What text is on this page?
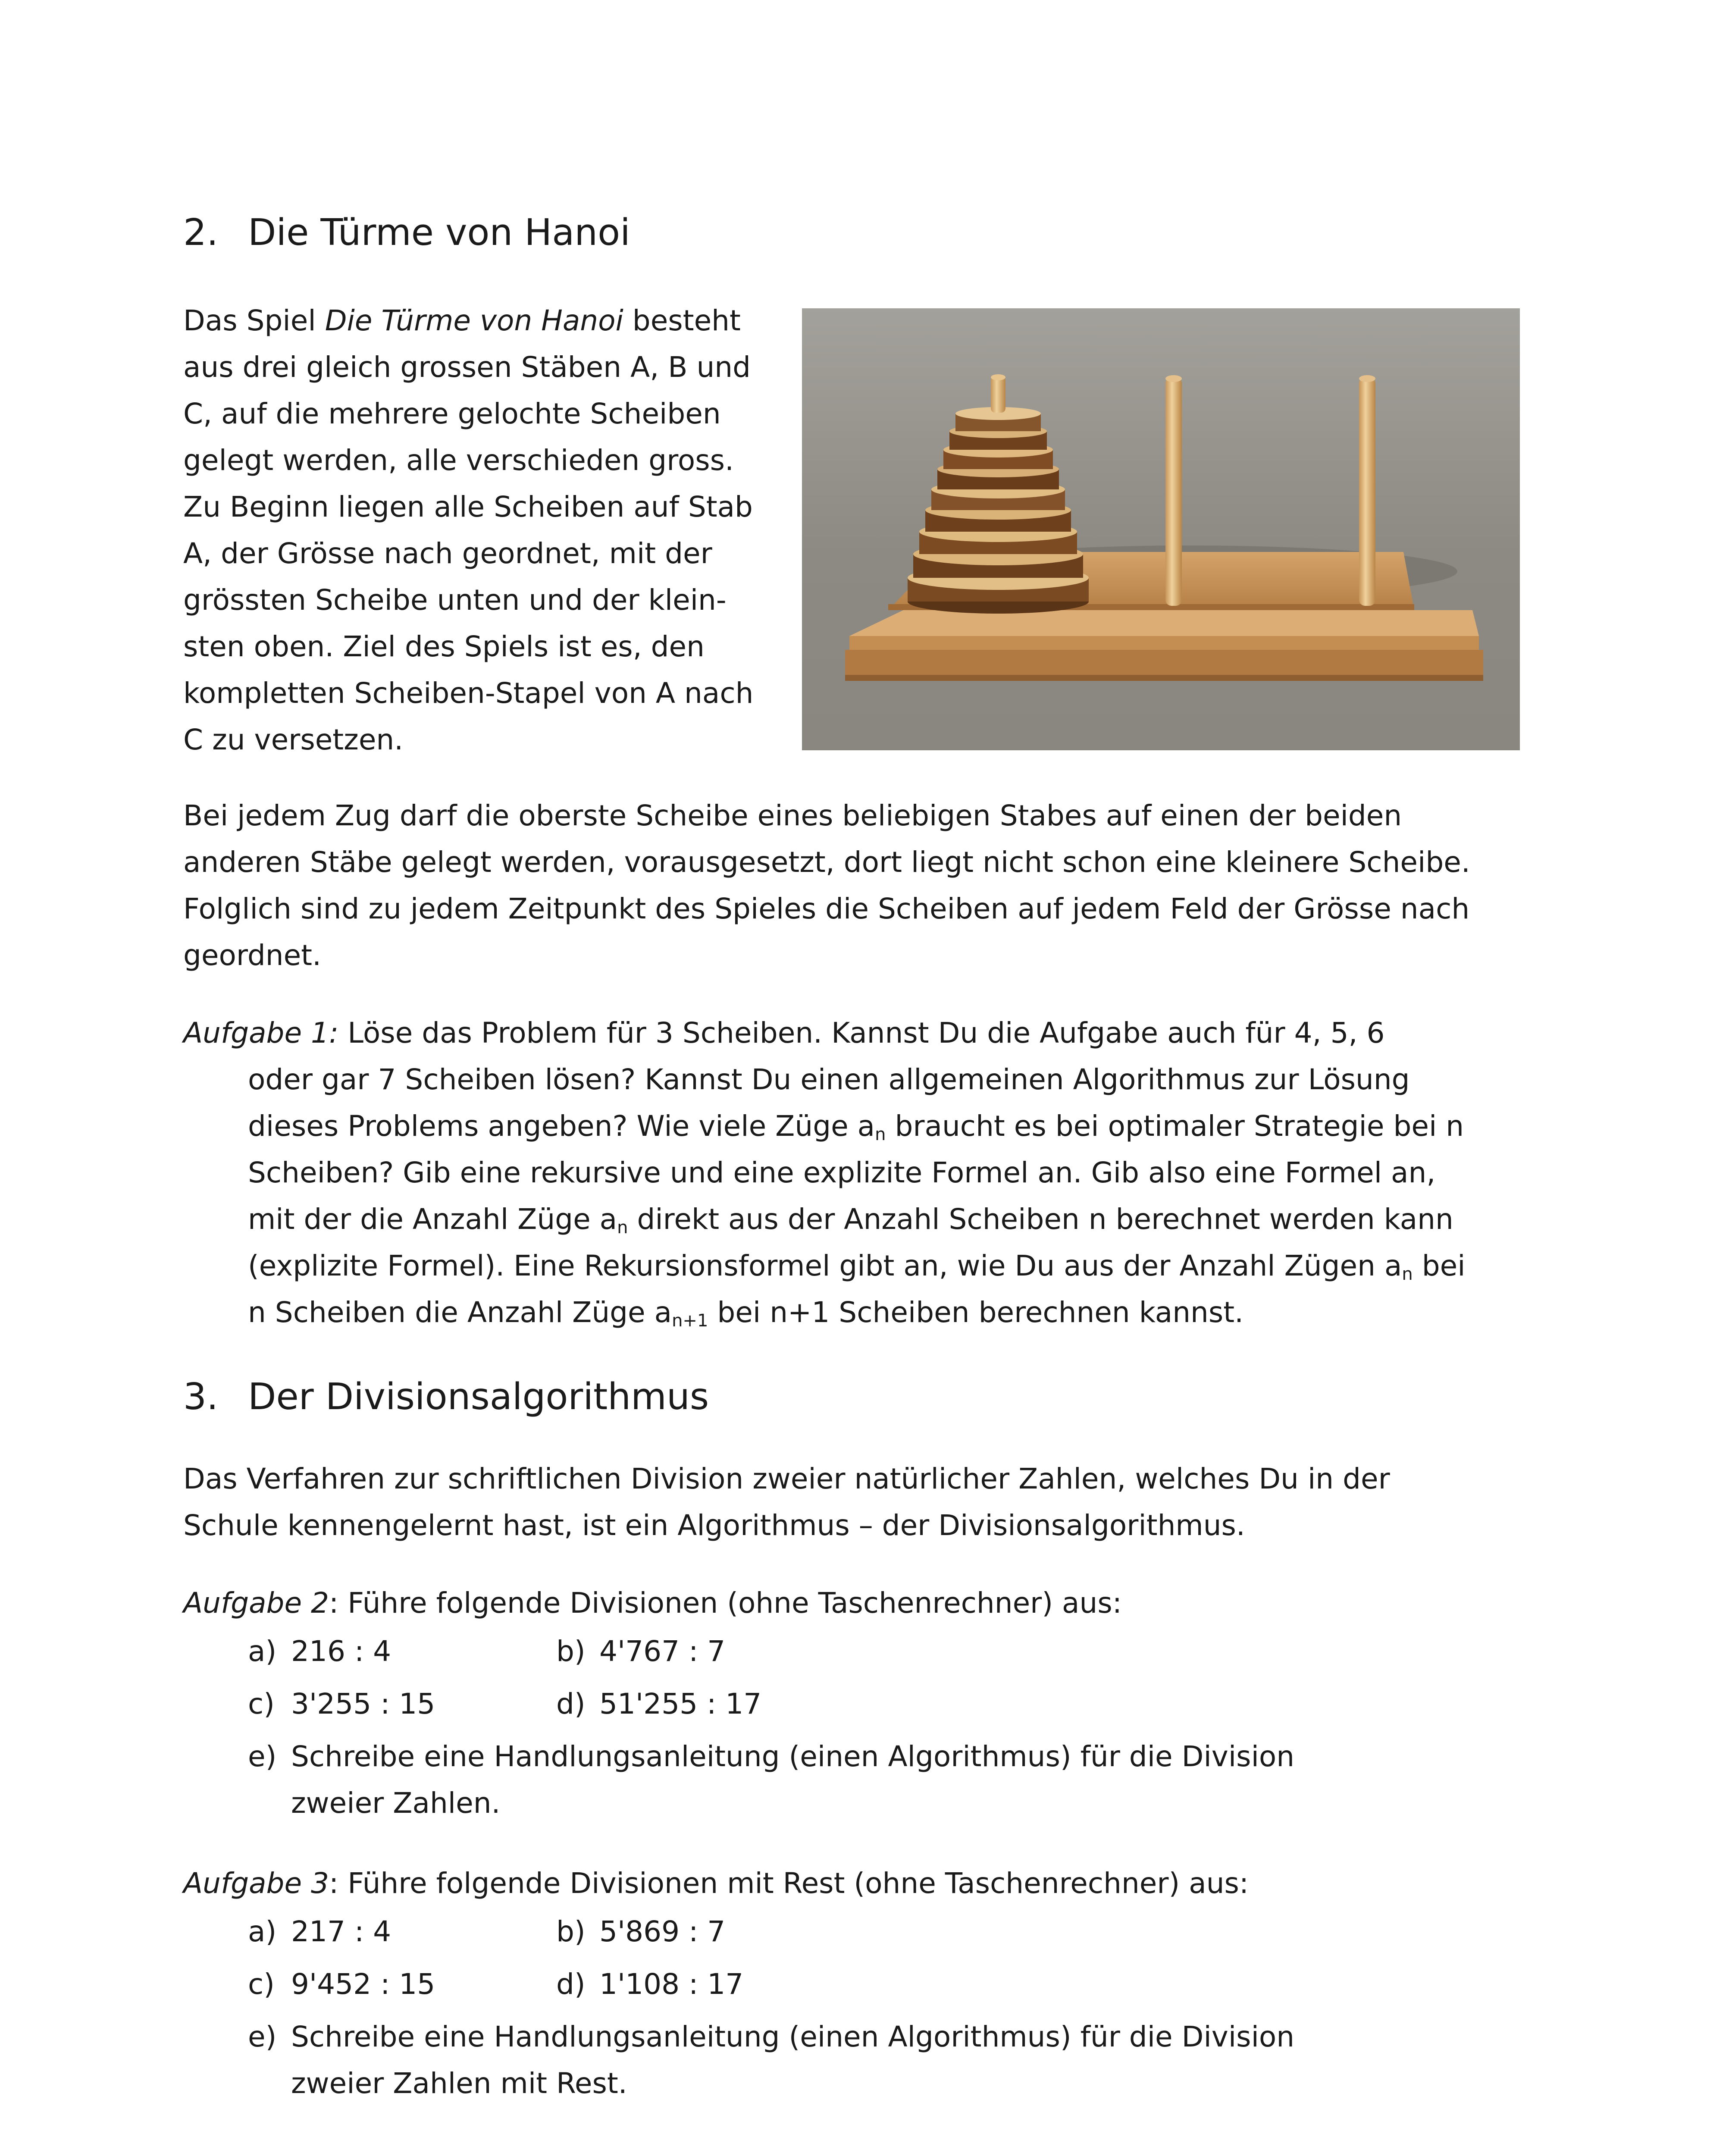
2. Die Türme von Hanoi
Das Spiel Die Türme von Hanoi besteht
aus drei gleich grossen Stäben A, B und
C, auf die mehrere gelochte Scheiben
gelegt werden, alle verschieden gross.
Zu Beginn liegen alle Scheiben auf Stab
A, der Grösse nach geordnet, mit der
grössten Scheibe unten und der klein-
sten oben. Ziel des Spiels ist es, den
kompletten Scheiben-Stapel von A nach
C zu versetzen.
Bei jedem Zug darf die oberste Scheibe eines beliebigen Stabes auf einen der beiden
anderen Stäbe gelegt werden, vorausgesetzt, dort liegt nicht schon eine kleinere Scheibe.
Folglich sind zu jedem Zeitpunkt des Spieles die Scheiben auf jedem Feld der Grösse nach
geordnet.
Aufgabe 1: Löse das Problem für 3 Scheiben. Kannst Du die Aufgabe auch für 4, 5, 6
oder gar 7 Scheiben lösen? Kannst Du einen allgemeinen Algorithmus zur Lösung
dieses Problems angeben? Wie viele Züge $a_n$ braucht es bei optimaler Strategie bei n
Scheiben? Gib eine rekursive und eine explizite Formel an. Gib also eine Formel an,
mit der die Anzahl Züge $a_n$ direkt aus der Anzahl Scheiben n berechnet werden kann
(explizite Formel). Eine Rekursionsformel gibt an, wie Du aus der Anzahl Zügen $a_n$ bei
n Scheiben die Anzahl Züge $a_{n+1}$ bei n+1 Scheiben berechnen kannst.
3. Der Divisionsalgorithmus
Das Verfahren zur schriftlichen Division zweier natürlicher Zahlen, welches Du in der
Schule kennengelernt hast, ist ein Algorithmus – der Divisionsalgorithmus.
Aufgabe 2: Führe folgende Divisionen (ohne Taschenrechner) aus:
a) 216 : 4	b) 4'767 : 7
c) 3'255 : 15	d) 51'255 : 17
e) Schreibe eine Handlungsanleitung (einen Algorithmus) für die Division
zweier Zahlen.
Aufgabe 3: Führe folgende Divisionen mit Rest (ohne Taschenrechner) aus:
a) 217 : 4	b) 5'869 : 7
c) 9'452 : 15	d) 1'108 : 17
e) Schreibe eine Handlungsanleitung (einen Algorithmus) für die Division
zweier Zahlen mit Rest.
